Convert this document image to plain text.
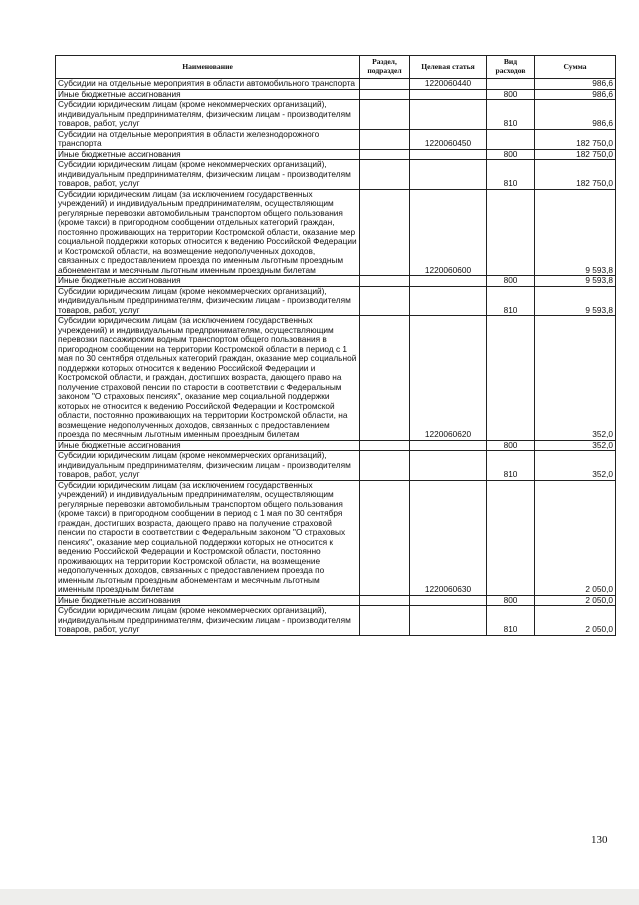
Наименование	Раздел, подраздел	Целевая статья	Вид расходов	Сумма
Субсидии на отдельные мероприятия в области автомобильного транспорта		1220060440		986,6
Иные бюджетные ассигнования			800	986,6
Субсидии юридическим лицам (кроме некоммерческих организаций), индивидуальным предпринимателям, физическим лицам - производителям товаров, работ, услуг			810	986,6
Субсидии на отдельные мероприятия в области железнодорожного транспорта		1220060450		182 750,0
Иные бюджетные ассигнования			800	182 750,0
Субсидии юридическим лицам (кроме некоммерческих организаций), индивидуальным предпринимателям, физическим лицам - производителям товаров, работ, услуг			810	182 750,0
Субсидии юридическим лицам (за исключением государственных учреждений) и индивидуальным предпринимателям, осуществляющим регулярные перевозки автомобильным транспортом общего пользования (кроме такси) в пригородном сообщении отдельных категорий граждан, постоянно проживающих на территории Костромской области, оказание мер социальной поддержки которых относится к ведению Российской Федерации и Костромской области, на возмещение недополученных доходов, связанных с предоставлением проезда по именным льготным проездным абонементам и месячным льготным именным проездным билетам		1220060600		9 593,8
Иные бюджетные ассигнования			800	9 593,8
Субсидии юридическим лицам (кроме некоммерческих организаций), индивидуальным предпринимателям, физическим лицам - производителям товаров, работ, услуг			810	9 593,8
Субсидии юридическим лицам (за исключением государственных учреждений) и индивидуальным предпринимателям, осуществляющим перевозки пассажирским водным транспортом общего пользования в пригородном сообщении на территории Костромской области в период с 1 мая по 30 сентября отдельных категорий граждан, оказание мер социальной поддержки которых относится к ведению Российской Федерации и Костромской области, и граждан, достигших возраста, дающего право на получение страховой пенсии по старости в соответствии с Федеральным законом "О страховых пенсиях", оказание мер социальной поддержки которых не относится к ведению Российской Федерации и Костромской области, постоянно проживающих на территории Костромской области, на возмещение недополученных доходов, связанных с предоставлением проезда по месячным льготным именным проездным билетам		1220060620		352,0
Иные бюджетные ассигнования			800	352,0
Субсидии юридическим лицам (кроме некоммерческих организаций), индивидуальным предпринимателям, физическим лицам - производителям товаров, работ, услуг			810	352,0
Субсидии юридическим лицам (за исключением государственных учреждений) и индивидуальным предпринимателям, осуществляющим регулярные перевозки автомобильным транспортом общего пользования (кроме такси) в пригородном сообщении в период с 1 мая по 30 сентября граждан, достигших возраста, дающего право на получение страховой пенсии по старости в соответствии с Федеральным законом "О страховых пенсиях", оказание мер социальной поддержки которых не относится к ведению Российской Федерации и Костромской области, постоянно проживающих на территории Костромской области, на возмещение недополученных доходов, связанных с предоставлением проезда по именным льготным проездным абонементам и месячным льготным именным проездным билетам		1220060630		2 050,0
Иные бюджетные ассигнования			800	2 050,0
Субсидии юридическим лицам (кроме некоммерческих организаций), индивидуальным предпринимателям, физическим лицам - производителям товаров, работ, услуг			810	2 050,0
130
